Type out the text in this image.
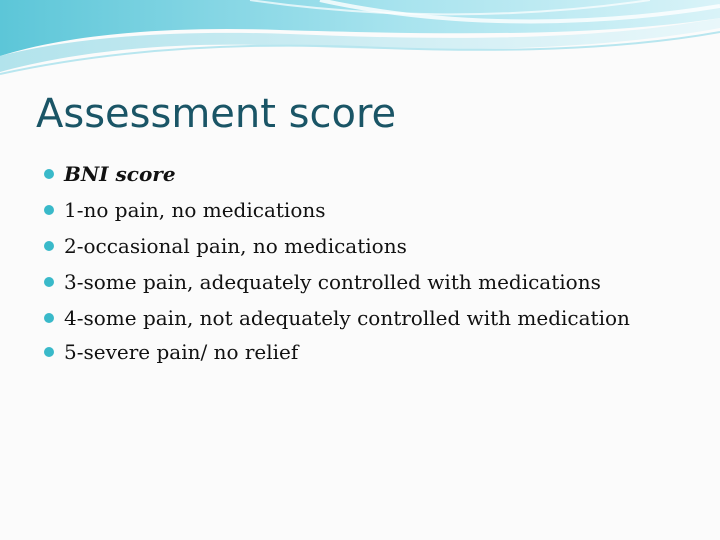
Assessment score
BNI score
1-no pain, no medications
2-occasional pain, no medications
3-some pain, adequately controlled with medications
4-some pain, not adequately controlled with medication
5-severe pain/ no relief
